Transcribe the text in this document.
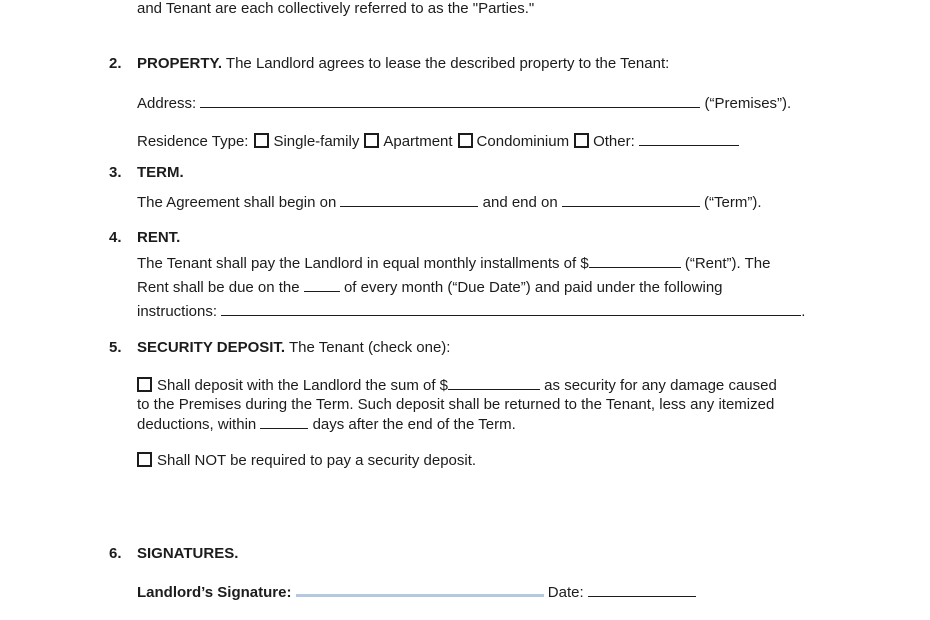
and Tenant are each collectively referred to as the "Parties."
2. PROPERTY. The Landlord agrees to lease the described property to the Tenant:
Address:	(“Premises”).
Residence Type: Single-family Apartment Condominium Other:
3. TERM.
The Agreement shall begin on	and end on	(“Term”).
4. RENT.
The Tenant shall pay the Landlord in equal monthly installments of $	(“Rent”). The
Rent shall be due on the  of every month (“Due Date”) and paid under the following
instructions:	.
5. SECURITY DEPOSIT. The Tenant (check one):
Shall deposit with the Landlord the sum of $	as security for any damage caused
to the Premises during the Term. Such deposit shall be returned to the Tenant, less any itemized
deductions, within	days after the end of the Term.
Shall NOT be required to pay a security deposit.
6. SIGNATURES.
Landlord’s Signature:	Date:
